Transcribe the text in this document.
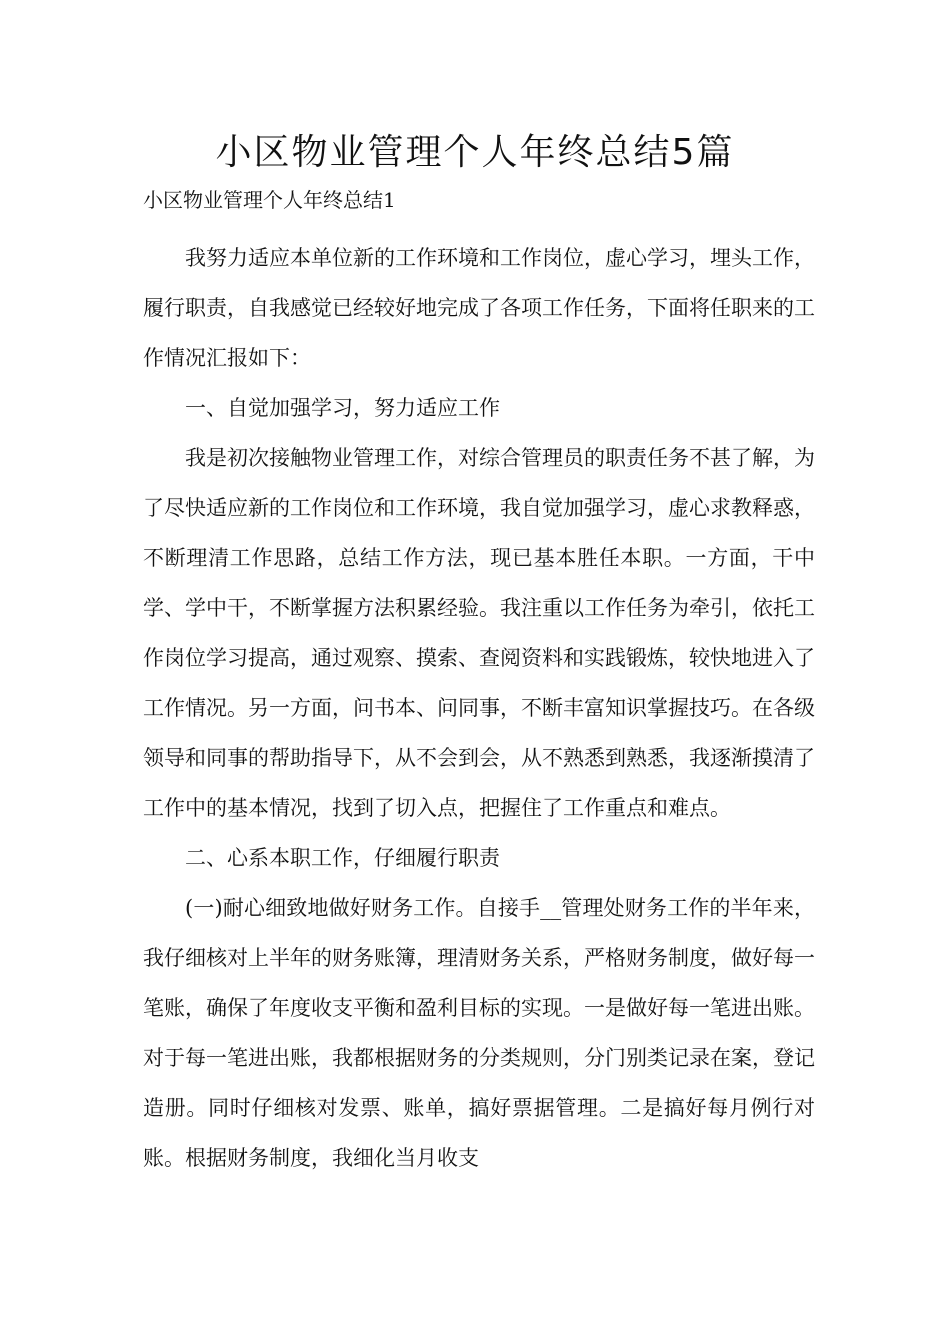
小区物业管理个人年终总结5篇
小区物业管理个人年终总结1

我努力适应本单位新的工作环境和工作岗位，虚心学习，埋头工作，履行职责，自我感觉已经较好地完成了各项工作任务，下面将任职来的工作情况汇报如下：

一、自觉加强学习，努力适应工作

我是初次接触物业管理工作，对综合管理员的职责任务不甚了解，为了尽快适应新的工作岗位和工作环境，我自觉加强学习，虚心求教释惑，不断理清工作思路，总结工作方法，现已基本胜任本职。一方面，干中学、学中干，不断掌握方法积累经验。我注重以工作任务为牵引，依托工作岗位学习提高，通过观察、摸索、查阅资料和实践锻炼，较快地进入了工作情况。另一方面，问书本、问同事，不断丰富知识掌握技巧。在各级领导和同事的帮助指导下，从不会到会，从不熟悉到熟悉，我逐渐摸清了工作中的基本情况，找到了切入点，把握住了工作重点和难点。

二、心系本职工作，仔细履行职责

(一)耐心细致地做好财务工作。自接手__管理处财务工作的半年来，我仔细核对上半年的财务账簿，理清财务关系，严格财务制度，做好每一笔账，确保了年度收支平衡和盈利目标的实现。一是做好每一笔进出账。对于每一笔进出账，我都根据财务的分类规则，分门别类记录在案，登记造册。同时仔细核对发票、账单，搞好票据管理。二是搞好每月例行对账。根据财务制度，我细化当月收支
